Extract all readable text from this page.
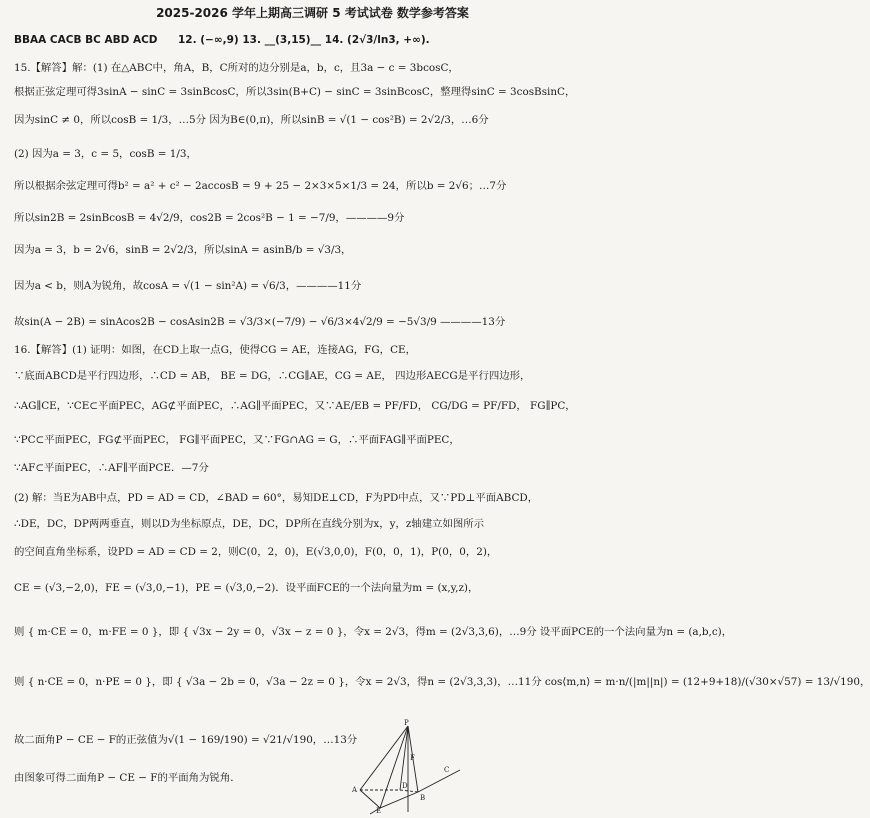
2025-2026 学年上期高三调研 5 考试试卷 数学参考答案
BBAA CACB BC ABD ACD	12. (−∞,9) 13. __(3,15)__ 14. (2√3/ln3, +∞).
15.【解答】解：(1) 在△ABC中，角A，B，C所对的边分别是a，b，c，且3a − c = 3bcosC，
根据正弦定理可得3sinA − sinC = 3sinBcosC，所以3sin(B+C) − sinC = 3sinBcosC，整理得sinC = 3cosBsinC，
因为sinC ≠ 0，所以cosB = 1/3，…5分 因为B∈(0,π)，所以sinB = √(1 − cos²B) = 2√2/3，…6分
(2) 因为a = 3，c = 5，cosB = 1/3，
所以根据余弦定理可得b² = a² + c² − 2accosB = 9 + 25 − 2×3×5×1/3 = 24，所以b = 2√6；…7分
所以sin2B = 2sinBcosB = 4√2/9，cos2B = 2cos²B − 1 = −7/9，————9分
因为a = 3，b = 2√6，sinB = 2√2/3，所以sinA = asinB/b = √3/3，
因为a < b，则A为锐角，故cosA = √(1 − sin²A) = √6/3，————11分
故sin(A − 2B) = sinAcos2B − cosAsin2B = √3/3×(−7/9) − √6/3×4√2/9 = −5√3/9 ————13分
16.【解答】(1) 证明：如图，在CD上取一点G，使得CG = AE，连接AG，FG，CE，
∵底面ABCD是平行四边形，∴CD = AB， BE = DG，∴CG∥AE，CG = AE， 四边形AECG是平行四边形，
∴AG∥CE，∵CE⊂平面PEC，AG⊄平面PEC，∴AG∥平面PEC，又∵AE/EB = PF/FD， CG/DG = PF/FD， FG∥PC，
∵PC⊂平面PEC，FG⊄平面PEC， FG∥平面PEC，又∵FG∩AG = G，∴平面FAG∥平面PEC，
∵AF⊂平面PEC，∴AF∥平面PCE．—7分
(2) 解：当E为AB中点，PD = AD = CD，∠BAD = 60°，易知DE⊥CD，F为PD中点，又∵PD⊥平面ABCD，
∴DE，DC，DP两两垂直，则以D为坐标原点，DE，DC，DP所在直线分别为x，y，z轴建立如图所示
的空间直角坐标系，设PD = AD = CD = 2，则C(0，2，0)，E(√3,0,0)，F(0，0，1)，P(0，0，2)，
CE = (√3,−2,0)，FE = (√3,0,−1)，PE = (√3,0,−2)．设平面FCE的一个法向量为m = (x,y,z)，
则 { m·CE = 0，m·FE = 0 }，即 { √3x − 2y = 0，√3x − z = 0 }，令x = 2√3，得m = (2√3,3,6)，…9分 设平面PCE的一个法向量为n = (a,b,c)，
则 { n·CE = 0，n·PE = 0 }，即 { √3a − 2b = 0，√3a − 2z = 0 }，令x = 2√3，得n = (2√3,3,3)，…11分 cos⟨m,n⟩ = m·n/(|m||n|) = (12+9+18)/(√30×√57) = 13/√190，
故二面角P − CE − F的正弦值为√(1 − 169/190) = √21/√190，…13分
由图象可得二面角P − CE − F的平面角为锐角．
P
F
D
C
E
A
B
